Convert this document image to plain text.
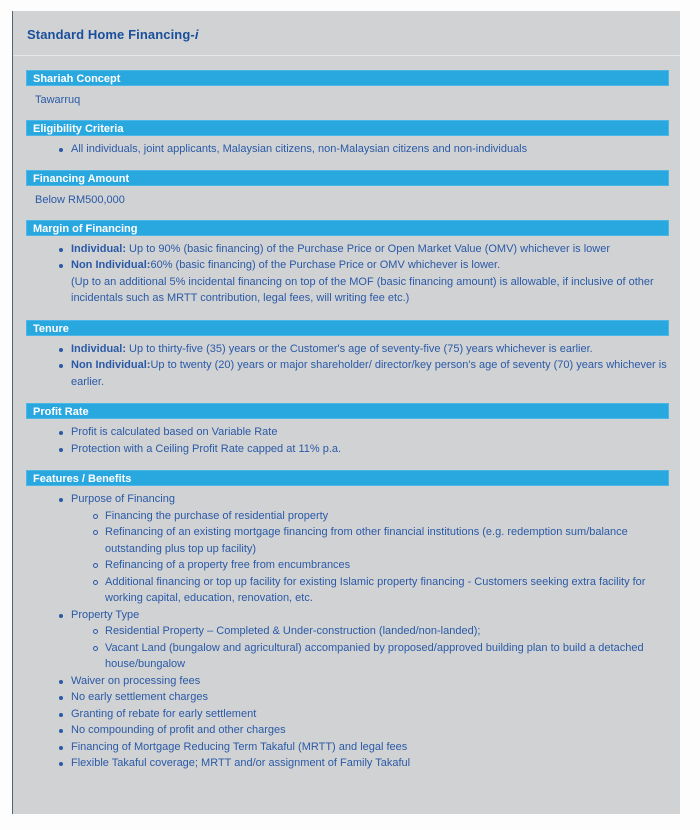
Standard Home Financing-i
Shariah Concept
Tawarruq
Eligibility Criteria
All individuals, joint applicants, Malaysian citizens, non-Malaysian citizens and non-individuals
Financing Amount
Below RM500,000
Margin of Financing
Individual: Up to 90% (basic financing) of the Purchase Price or Open Market Value (OMV) whichever is lower
Non Individual:60% (basic financing) of the Purchase Price or OMV whichever is lower.
(Up to an additional 5% incidental financing on top of the MOF (basic financing amount) is allowable, if inclusive of other incidentals such as MRTT contribution, legal fees, will writing fee etc.)
Tenure
Individual: Up to thirty-five (35) years or the Customer's age of seventy-five (75) years whichever is earlier.
Non Individual:Up to twenty (20) years or major shareholder/ director/key person's age of seventy (70) years whichever is earlier.
Profit Rate
Profit is calculated based on Variable Rate
Protection with a Ceiling Profit Rate capped at 11% p.a.
Features / Benefits
Purpose of Financing
Financing the purchase of residential property
Refinancing of an existing mortgage financing from other financial institutions (e.g. redemption sum/balance outstanding plus top up facility)
Refinancing of a property free from encumbrances
Additional financing or top up facility for existing Islamic property financing - Customers seeking extra facility for working capital, education, renovation, etc.
Property Type
Residential Property – Completed & Under-construction (landed/non-landed);
Vacant Land (bungalow and agricultural) accompanied by proposed/approved building plan to build a detached house/bungalow
Waiver on processing fees
No early settlement charges
Granting of rebate for early settlement
No compounding of profit and other charges
Financing of Mortgage Reducing Term Takaful (MRTT) and legal fees
Flexible Takaful coverage; MRTT and/or assignment of Family Takaful
